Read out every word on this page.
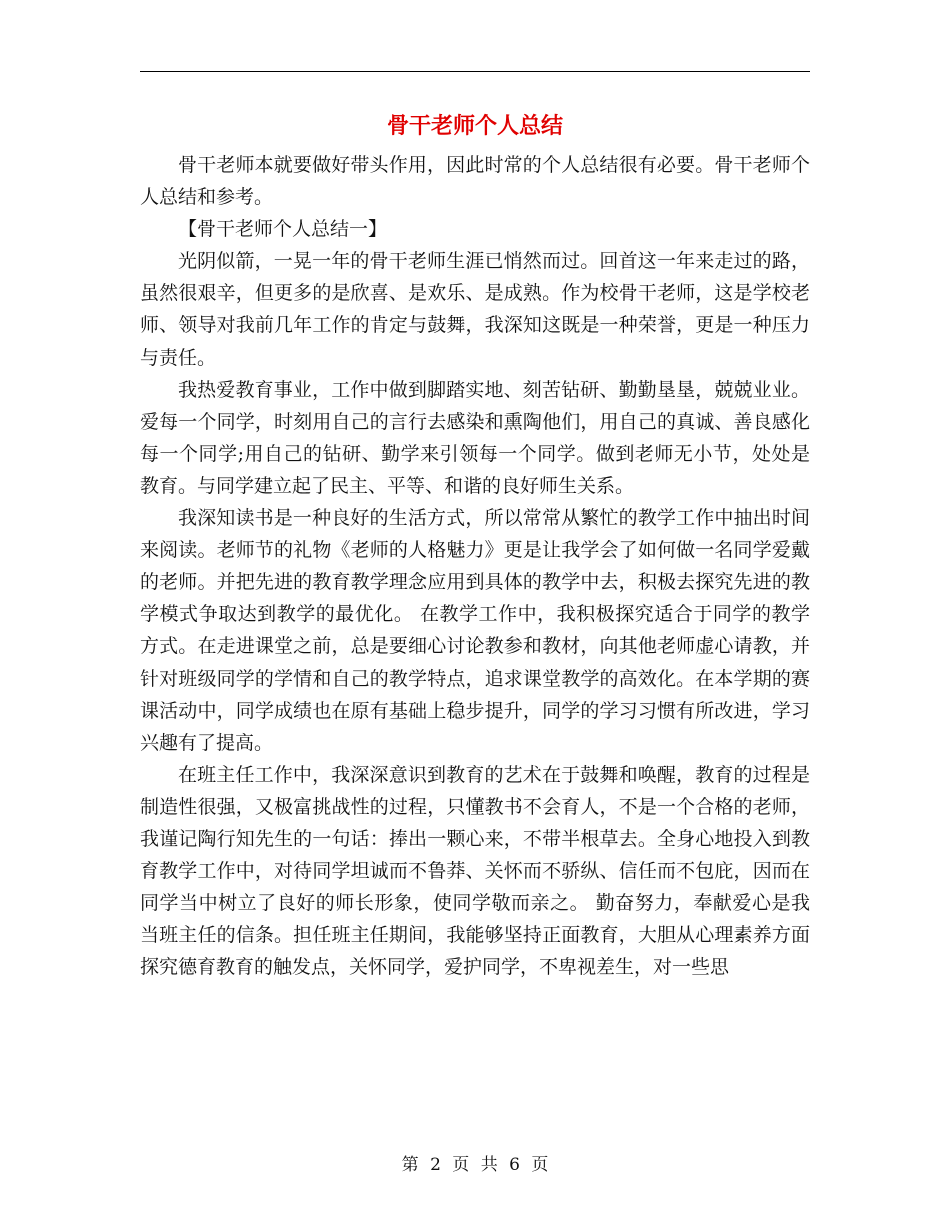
骨干老师个人总结

骨干老师本就要做好带头作用，因此时常的个人总结很有必要。骨干老师个人总结和参考。

【骨干老师个人总结一】

光阴似箭，一晃一年的骨干老师生涯已悄然而过。回首这一年来走过的路，虽然很艰辛，但更多的是欣喜、是欢乐、是成熟。作为校骨干老师，这是学校老师、领导对我前几年工作的肯定与鼓舞，我深知这既是一种荣誉，更是一种压力与责任。

我热爱教育事业，工作中做到脚踏实地、刻苦钻研、勤勤垦垦，兢兢业业。爱每一个同学，时刻用自己的言行去感染和熏陶他们，用自己的真诚、善良感化每一个同学;用自己的钻研、勤学来引领每一个同学。做到老师无小节，处处是教育。与同学建立起了民主、平等、和谐的良好师生关系。

我深知读书是一种良好的生活方式，所以常常从繁忙的教学工作中抽出时间来阅读。老师节的礼物《老师的人格魅力》更是让我学会了如何做一名同学爱戴的老师。并把先进的教育教学理念应用到具体的教学中去，积极去探究先进的教学模式争取达到教学的最优化。 在教学工作中，我积极探究适合于同学的教学方式。在走进课堂之前，总是要细心讨论教参和教材，向其他老师虚心请教，并针对班级同学的学情和自己的教学特点，追求课堂教学的高效化。在本学期的赛课活动中，同学成绩也在原有基础上稳步提升，同学的学习习惯有所改进，学习兴趣有了提高。

在班主任工作中，我深深意识到教育的艺术在于鼓舞和唤醒，教育的过程是制造性很强，又极富挑战性的过程，只懂教书不会育人，不是一个合格的老师，我谨记陶行知先生的一句话：捧出一颗心来，不带半根草去。全身心地投入到教育教学工作中，对待同学坦诚而不鲁莽、关怀而不骄纵、信任而不包庇，因而在同学当中树立了良好的师长形象，使同学敬而亲之。 勤奋努力，奉献爱心是我当班主任的信条。担任班主任期间，我能够坚持正面教育，大胆从心理素养方面探究德育教育的触发点，关怀同学，爱护同学，不卑视差生，对一些思

第 2 页 共 6 页
